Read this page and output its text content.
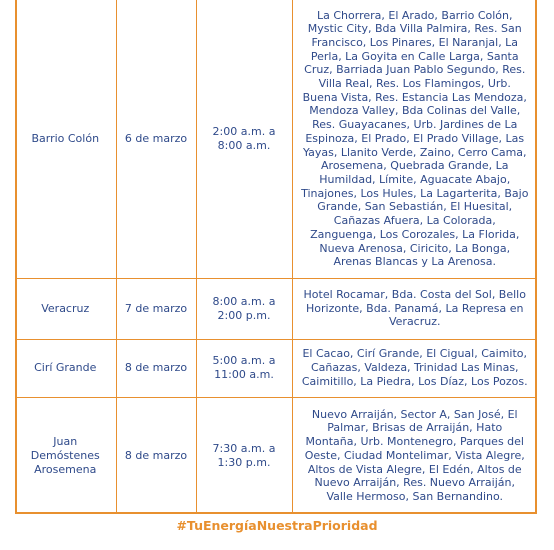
Barrio Colón	6 de marzo	2:00 a.m. a 8:00 a.m.	La Chorrera, El Arado, Barrio Colón, Mystic City, Bda Villa Palmira, Res. San Francisco, Los Pinares, El Naranjal, La Perla, La Goyita en Calle Larga, Santa Cruz, Barriada Juan Pablo Segundo, Res. Villa Real, Res. Los Flamingos, Urb. Buena Vista, Res. Estancia Las Mendoza, Mendoza Valley, Bda Colinas del Valle, Res. Guayacanes, Urb. Jardines de La Espinoza, El Prado, El Prado Village, Las Yayas, Llanito Verde, Zaino, Cerro Cama, Arosemena, Quebrada Grande, La Humildad, Límite, Aguacate Abajo, Tinajones, Los Hules, La Lagarterita, Bajo Grande, San Sebastián, El Huesital, Cañazas Afuera, La Colorada, Zanguenga, Los Corozales, La Florida, Nueva Arenosa, Ciricito, La Bonga, Arenas Blancas y La Arenosa.
Veracruz	7 de marzo	8:00 a.m. a 2:00 p.m.	Hotel Rocamar, Bda. Costa del Sol, Bello Horizonte, Bda. Panamá, La Represa en Veracruz.
Cirí Grande	8 de marzo	5:00 a.m. a 11:00 a.m.	El Cacao, Cirí Grande, El Cigual, Caimito, Cañazas, Valdeza, Trinidad Las Minas, Caimitillo, La Piedra, Los Díaz, Los Pozos.
Juan Demóstenes Arosemena	8 de marzo	7:30 a.m. a 1:30 p.m.	Nuevo Arraiján, Sector A, San José, El Palmar, Brisas de Arraiján, Hato Montaña, Urb. Montenegro, Parques del Oeste, Ciudad Montelimar, Vista Alegre, Altos de Vista Alegre, El Edén, Altos de Nuevo Arraiján, Res. Nuevo Arraiján, Valle Hermoso, San Bernandino.
#TuEnergíaNuestraPrioridad
